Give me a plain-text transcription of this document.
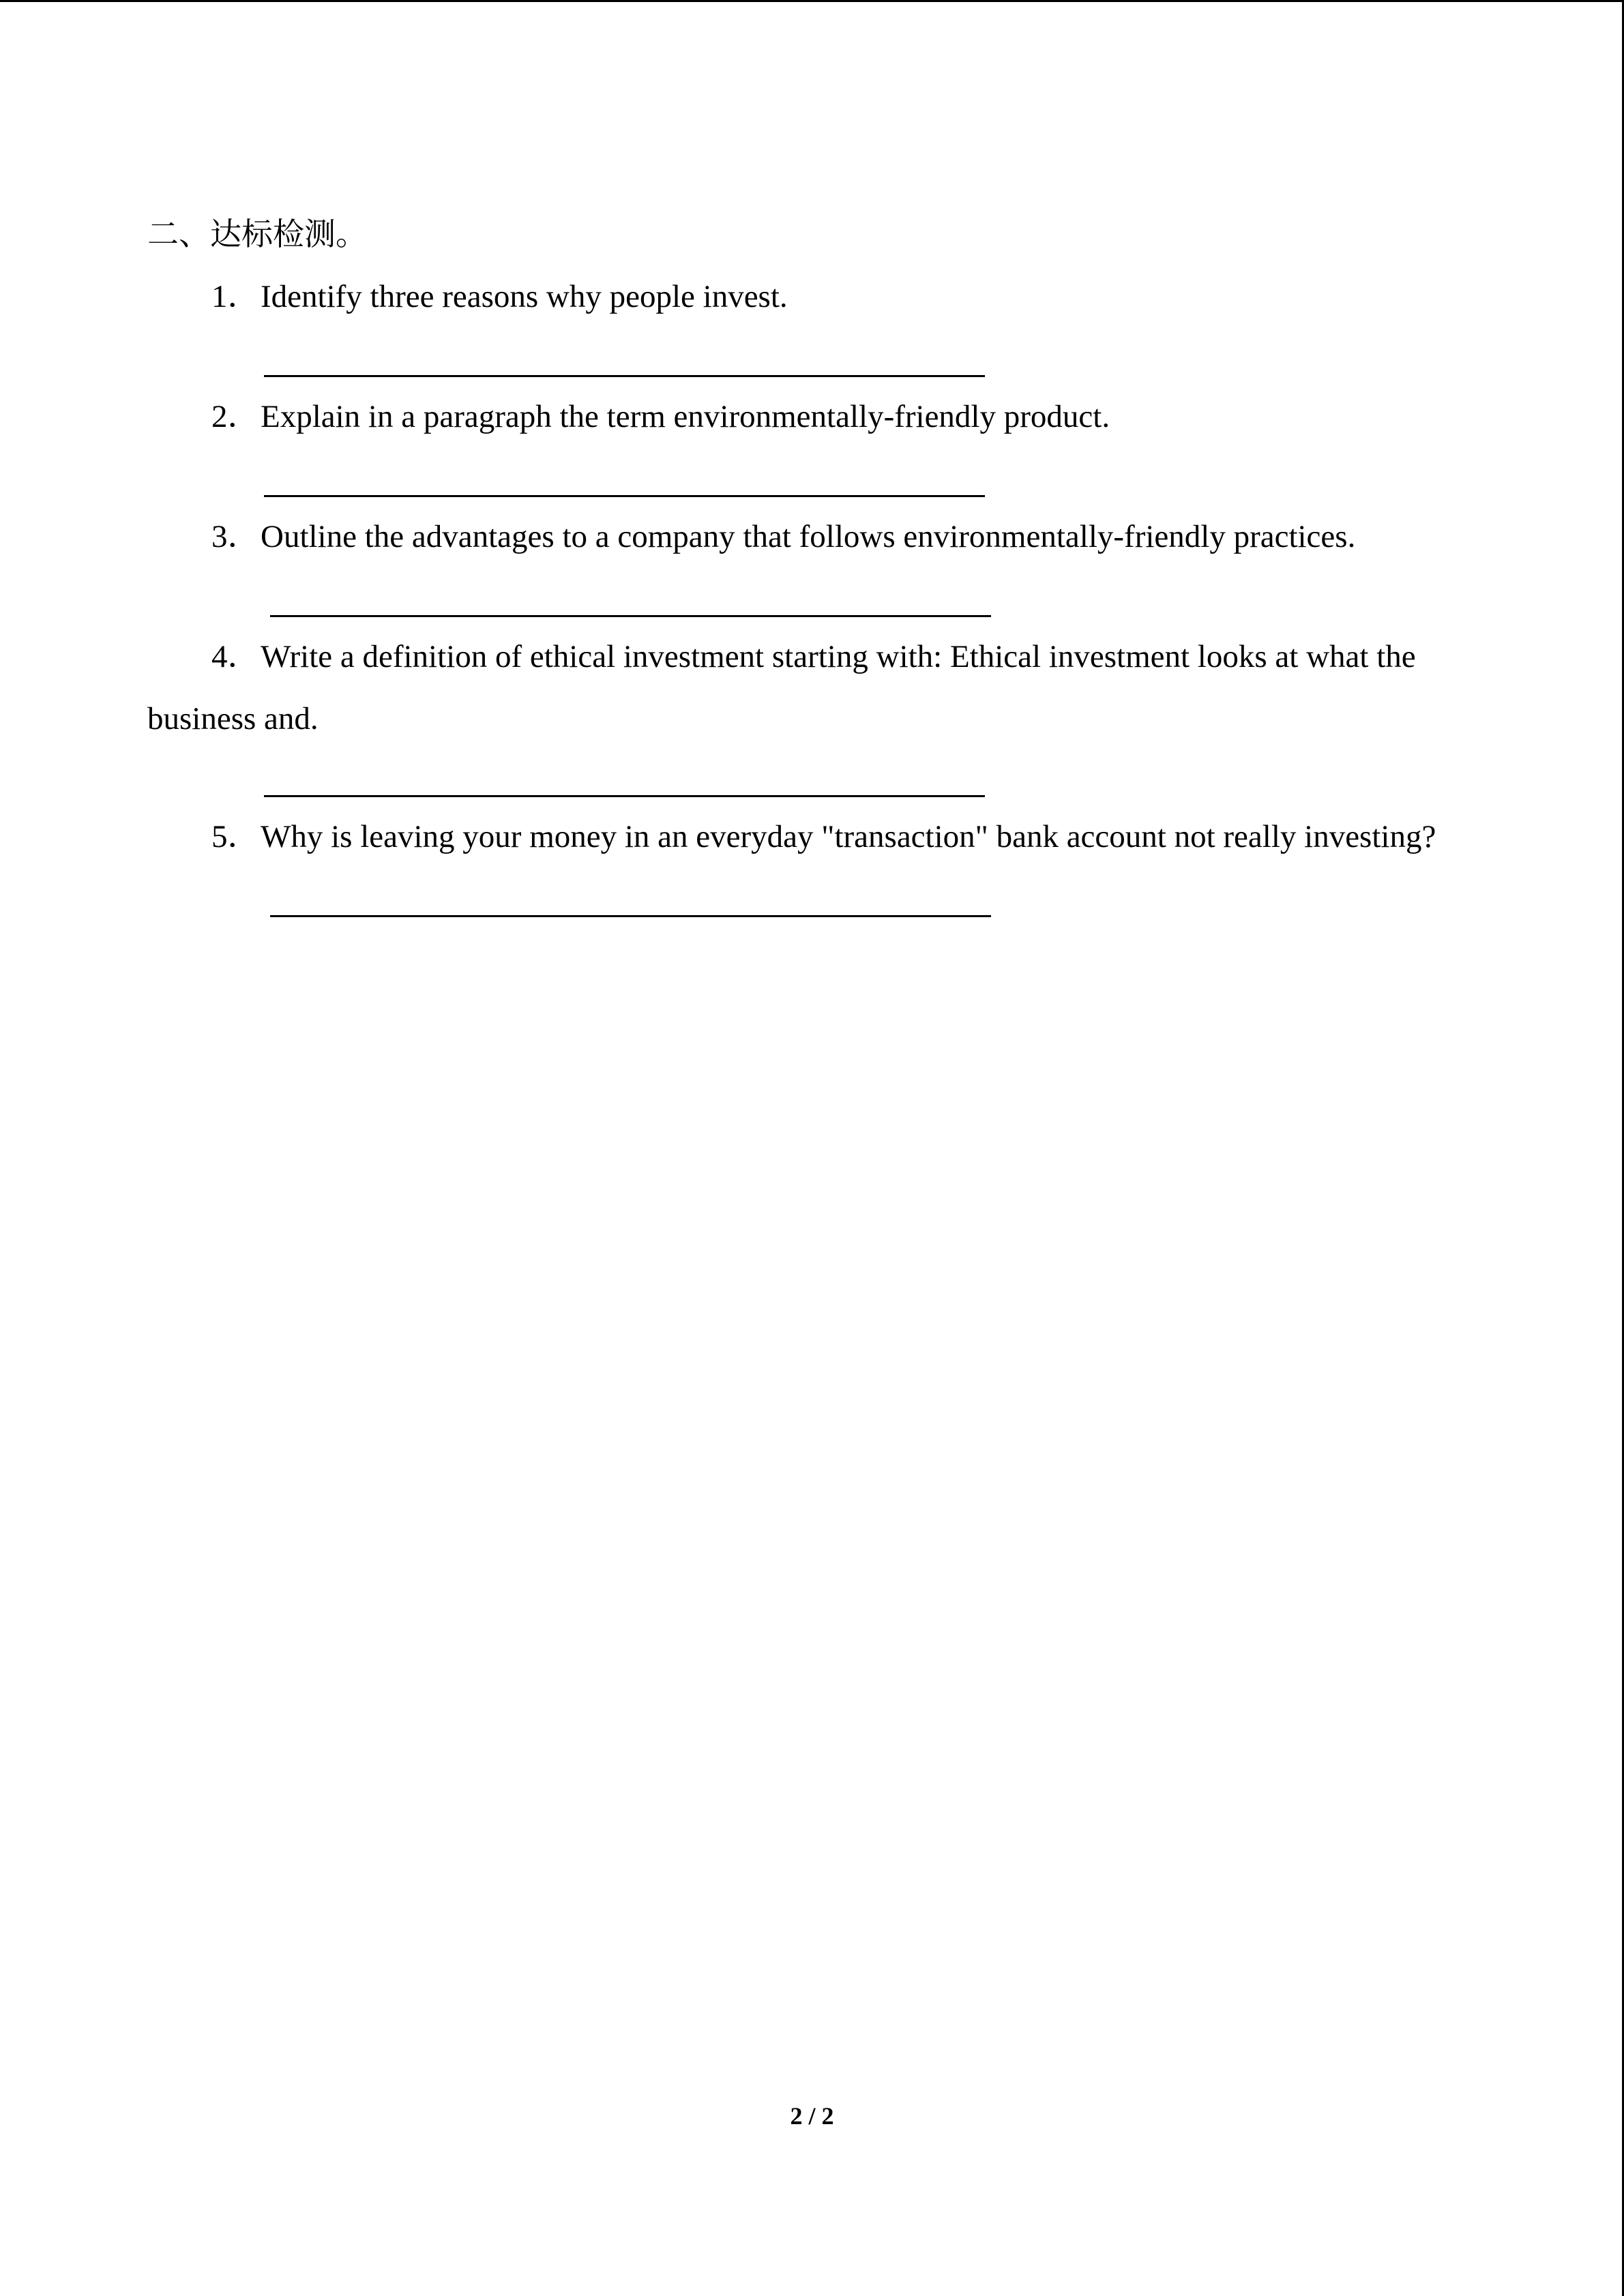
二、达标检测。
1．Identify three reasons why people invest.
2．Explain in a paragraph the term environmentally-friendly product.
3．Outline the advantages to a company that follows environmentally-friendly practices.
4．Write a definition of ethical investment starting with: Ethical investment looks at what the
business and.
5．Why is leaving your money in an everyday "transaction" bank account not really investing?
2 / 2
